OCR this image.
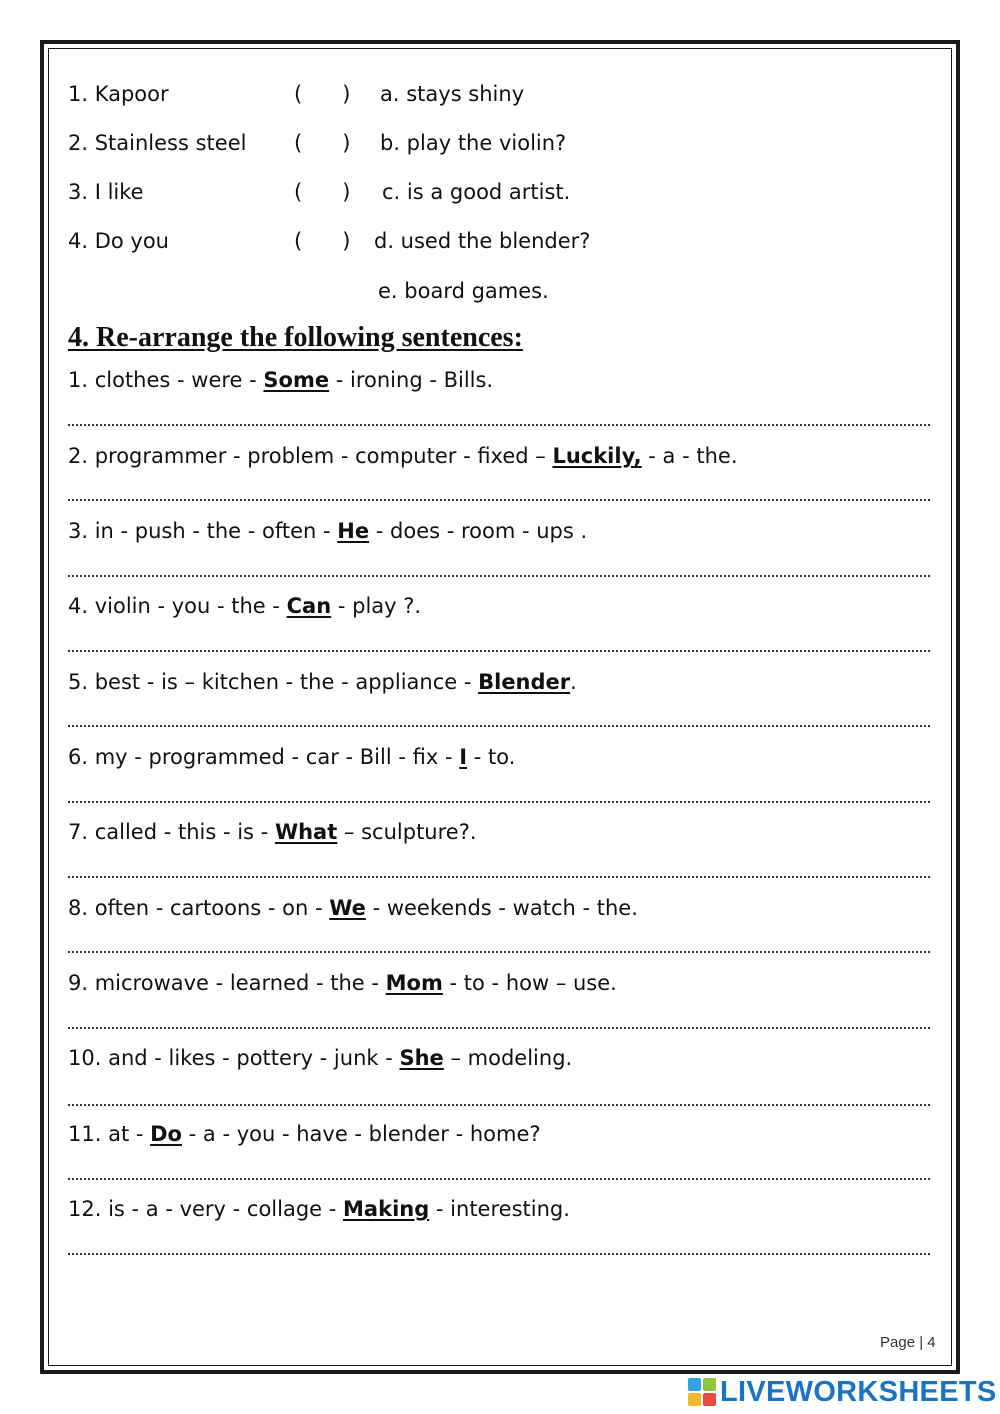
1. Kapoor	(      ) a. stays shiny
2. Stainless steel (      ) b. play the violin?
3. I like	(      ) c. is a good artist.
4. Do you	(      ) d. used the blender?
e. board games.
4. Re-arrange the following sentences:
1. clothes - were - Some - ironing - Bills.
2. programmer - problem - computer - fixed – Luckily, - a - the.
3. in - push - the - often - He - does - room - ups .
4. violin - you - the - Can - play ?.
5. best - is – kitchen - the - appliance - Blender.
6. my - programmed - car - Bill - fix - I - to.
7. called - this - is - What – sculpture?.
8. often - cartoons - on - We - weekends - watch - the.
9. microwave - learned - the - Mom - to - how – use.
10. and - likes - pottery - junk - She – modeling.
11. at - Do - a - you - have - blender - home?
12. is - a - very - collage - Making - interesting.
Page | 4
LIVEWORKSHEETS
